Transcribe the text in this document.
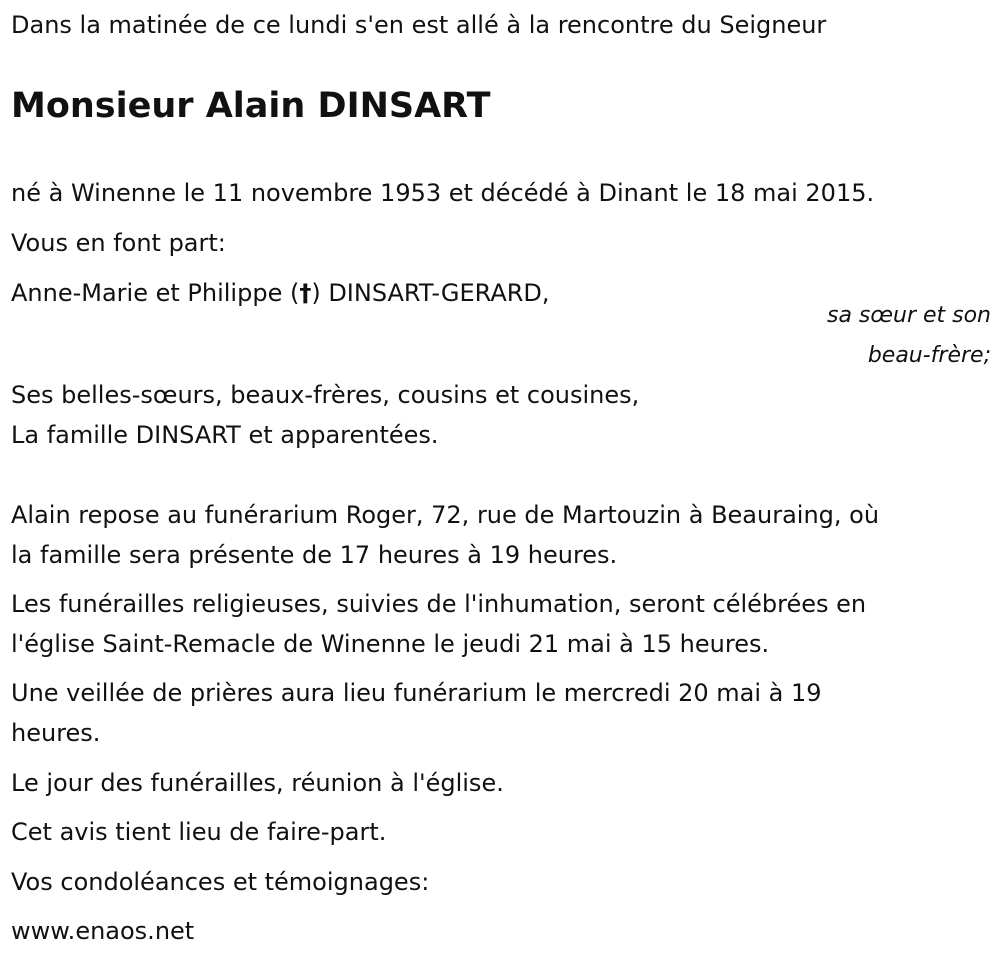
Dans la matinée de ce lundi s'en est allé à la rencontre du Seigneur

Monsieur Alain DINSART

né à Winenne le 11 novembre 1953 et décédé à Dinant le 18 mai 2015.

Vous en font part:

Anne-Marie et Philippe (†) DINSART-GERARD,

sa sœur et son

beau-frère;

Ses belles-sœurs, beaux-frères, cousins et cousines,

La famille DINSART et apparentées.

Alain repose au funérarium Roger, 72, rue de Martouzin à Beauraing, où

la famille sera présente de 17 heures à 19 heures.

Les funérailles religieuses, suivies de l'inhumation, seront célébrées en

l'église Saint-Remacle de Winenne le jeudi 21 mai à 15 heures.

Une veillée de prières aura lieu funérarium le mercredi 20 mai à 19

heures.

Le jour des funérailles, réunion à l'église.

Cet avis tient lieu de faire-part.

Vos condoléances et témoignages:

www.enaos.net
